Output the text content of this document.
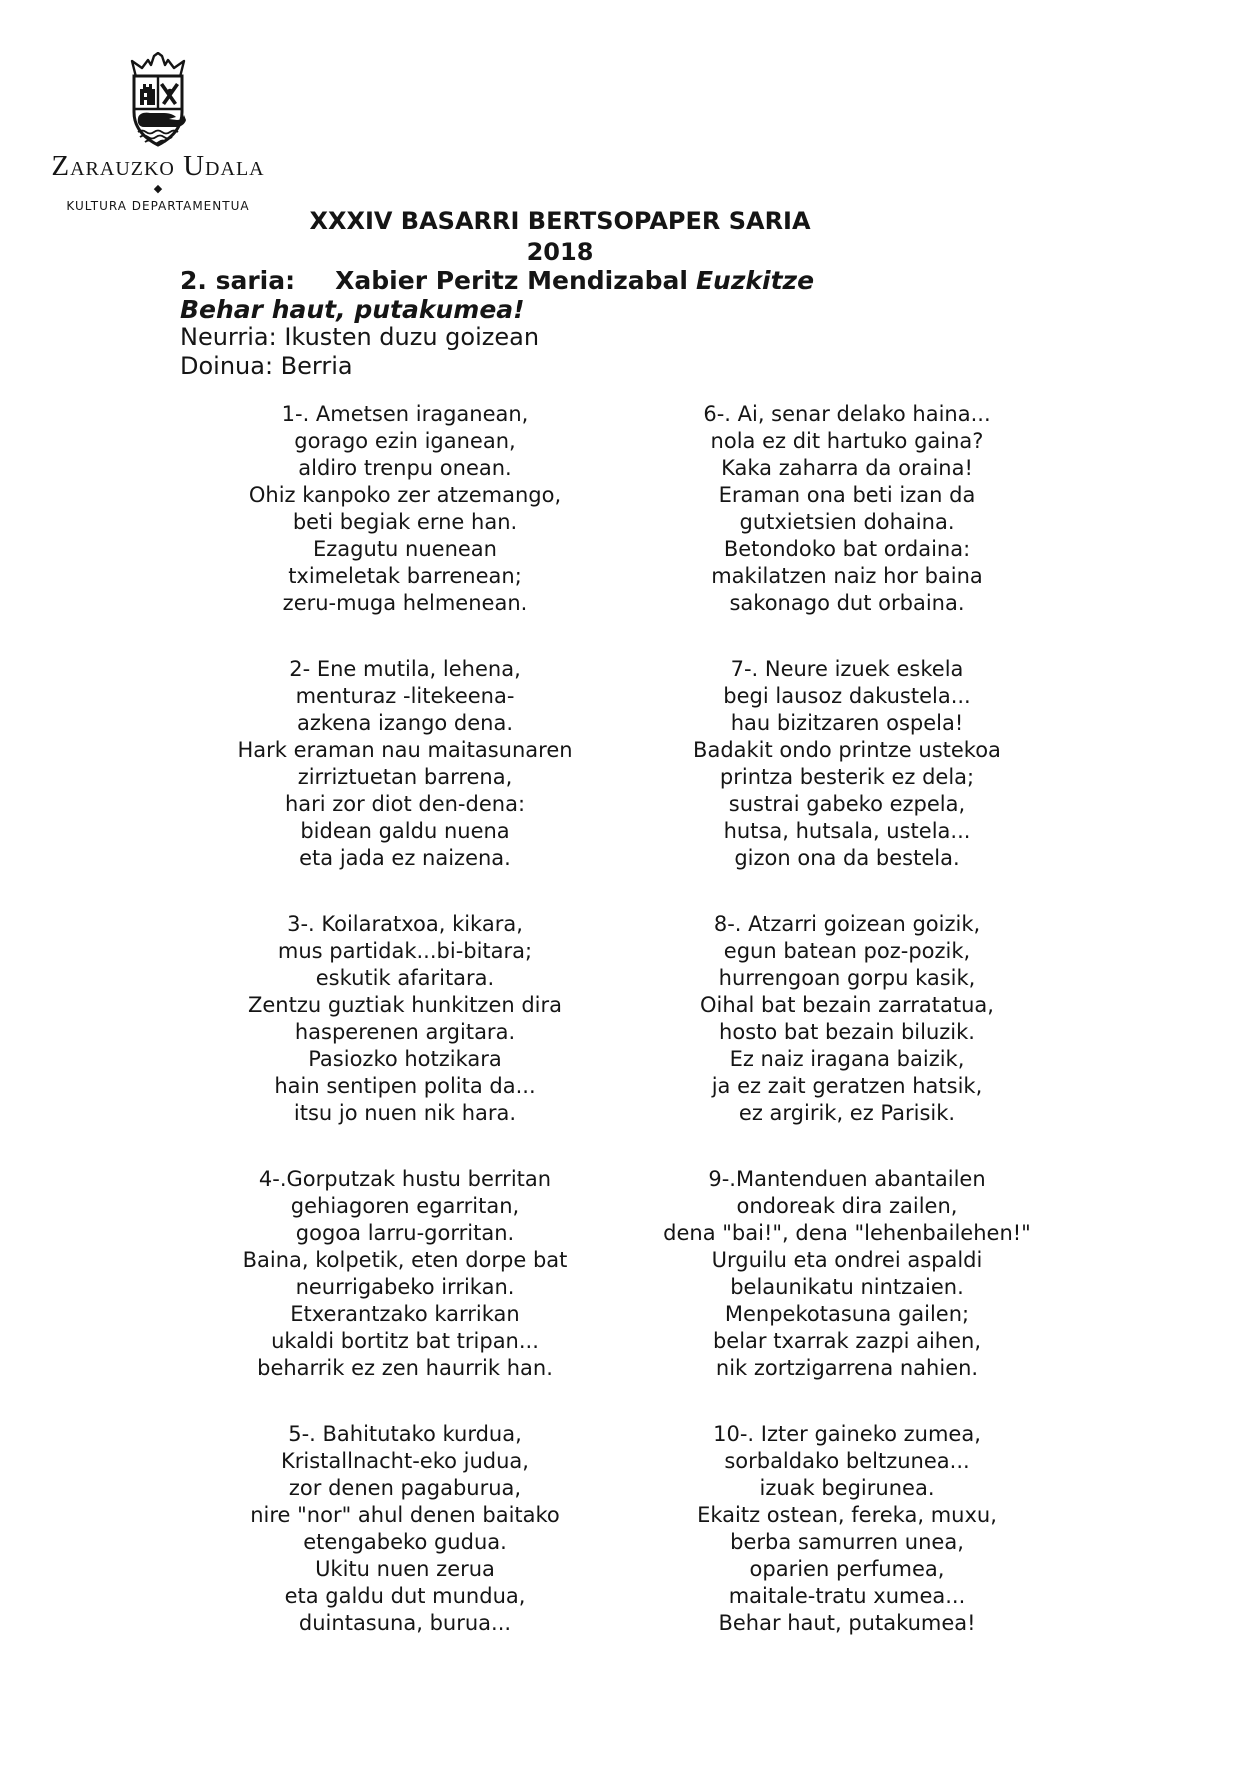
Zarauzko Udala
◆
KULTURA DEPARTAMENTUA
XXXIV BASARRI BERTSOPAPER SARIA
2018
2. saria: Xabier Peritz Mendizabal Euzkitze
Behar haut, putakumea!
Neurria: Ikusten duzu goizean
Doinua: Berria
1-. Ametsen iraganean,
gorago ezin iganean,
aldiro trenpu onean.
Ohiz kanpoko zer atzemango,
beti begiak erne han.
Ezagutu nuenean
tximeletak barrenean;
zeru-muga helmenean.
2- Ene mutila, lehena,
menturaz -litekeena-
azkena izango dena.
Hark eraman nau maitasunaren
zirriztuetan barrena,
hari zor diot den-dena:
bidean galdu nuena
eta jada ez naizena.
3-. Koilaratxoa, kikara,
mus partidak...bi-bitara;
eskutik afaritara.
Zentzu guztiak hunkitzen dira
hasperenen argitara.
Pasiozko hotzikara
hain sentipen polita da...
itsu jo nuen nik hara.
4-.Gorputzak hustu berritan
gehiagoren egarritan,
gogoa larru-gorritan.
Baina, kolpetik, eten dorpe bat
neurrigabeko irrikan.
Etxerantzako karrikan
ukaldi bortitz bat tripan...
beharrik ez zen haurrik han.
5-. Bahitutako kurdua,
Kristallnacht-eko judua,
zor denen pagaburua,
nire "nor" ahul denen baitako
etengabeko gudua.
Ukitu nuen zerua
eta galdu dut mundua,
duintasuna, burua...
6-. Ai, senar delako haina...
nola ez dit hartuko gaina?
Kaka zaharra da oraina!
Eraman ona beti izan da
gutxietsien dohaina.
Betondoko bat ordaina:
makilatzen naiz hor baina
sakonago dut orbaina.
7-. Neure izuek eskela
begi lausoz dakustela...
hau bizitzaren ospela!
Badakit ondo printze ustekoa
printza besterik ez dela;
sustrai gabeko ezpela,
hutsa, hutsala, ustela...
gizon ona da bestela.
8-. Atzarri goizean goizik,
egun batean poz-pozik,
hurrengoan gorpu kasik,
Oihal bat bezain zarratatua,
hosto bat bezain biluzik.
Ez naiz iragana baizik,
ja ez zait geratzen hatsik,
ez argirik, ez Parisik.
9-.Mantenduen abantailen
ondoreak dira zailen,
dena "bai!", dena "lehenbailehen!"
Urguilu eta ondrei aspaldi
belaunikatu nintzaien.
Menpekotasuna gailen;
belar txarrak zazpi aihen,
nik zortzigarrena nahien.
10-. Izter gaineko zumea,
sorbaldako beltzunea...
izuak begirunea.
Ekaitz ostean, fereka, muxu,
berba samurren unea,
oparien perfumea,
maitale-tratu xumea...
Behar haut, putakumea!
